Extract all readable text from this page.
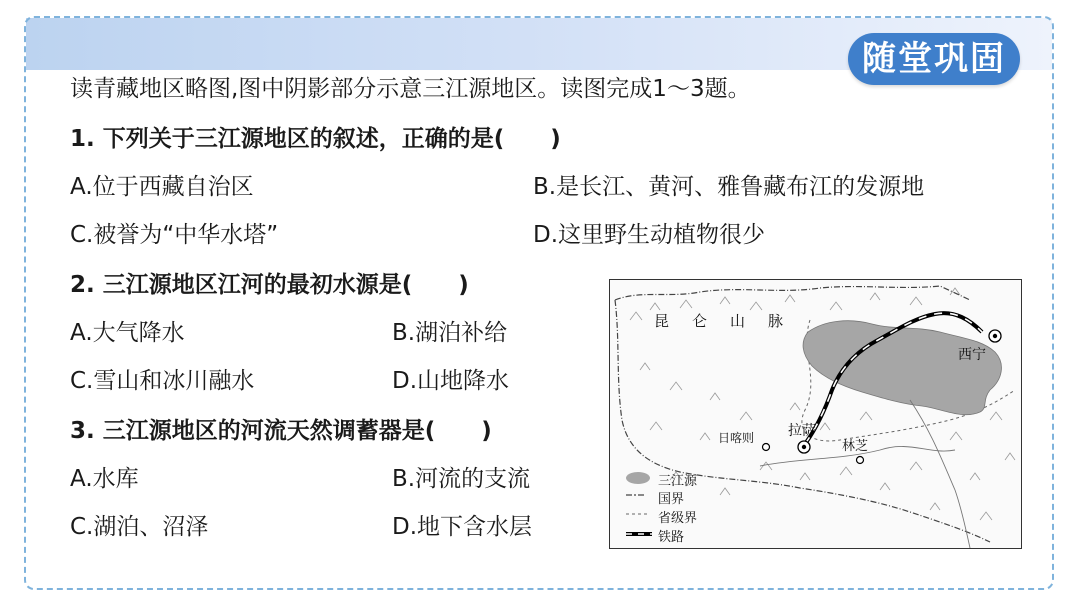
随堂巩固
读青藏地区略图,图中阴影部分示意三江源地区。读图完成1～3题。
1. 下列关于三江源地区的叙述，正确的是(　　)
A.位于西藏自治区	B.是长江、黄河、雅鲁藏布江的发源地
C.被誉为“中华水塔”	D.这里野生动植物很少
2. 三江源地区江河的最初水源是(　　)
A.大气降水	B.湖泊补给
C.雪山和冰川融水	D.山地降水
3. 三江源地区的河流天然调蓄器是(　　)
A.水库	B.河流的支流
C.湖泊、沼泽	D.地下含水层
昆　仑　山　脉
西宁
拉萨
日喀则
林芝
三江源
国界
省级界
铁路
